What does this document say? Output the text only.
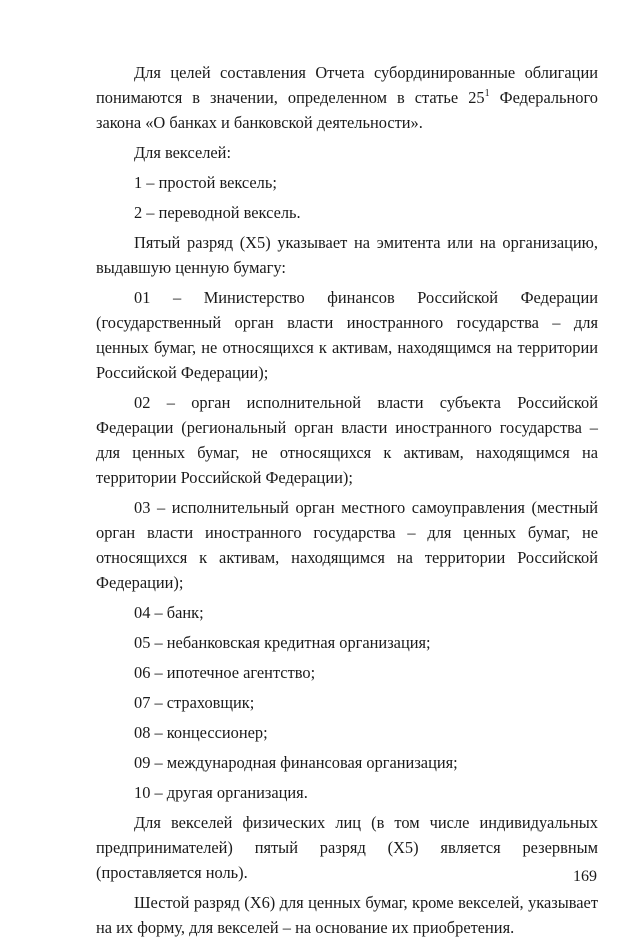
Для целей составления Отчета субординированные облигации понимаются в значении, определенном в статье $25^1$ Федерального закона «О банках и банковской деятельности».

Для векселей:

1 – простой вексель;

2 – переводной вексель.

Пятый разряд (Х5) указывает на эмитента или на организацию, выдавшую ценную бумагу:

01 – Министерство финансов Российской Федерации (государственный орган власти иностранного государства – для ценных бумаг, не относящихся к активам, находящимся на территории Российской Федерации);

02 – орган исполнительной власти субъекта Российской Федерации (региональный орган власти иностранного государства – для ценных бумаг, не относящихся к активам, находящимся на территории Российской Федерации);

03 – исполнительный орган местного самоуправления (местный орган власти иностранного государства – для ценных бумаг, не относящихся к активам, находящимся на территории Российской Федерации);

04 – банк;

05 – небанковская кредитная организация;

06 – ипотечное агентство;

07 – страховщик;

08 – концессионер;

09 – международная финансовая организация;

10 – другая организация.

Для векселей физических лиц (в том числе индивидуальных предпринимателей) пятый разряд (Х5) является резервным (проставляется ноль).

Шестой разряд (Х6) для ценных бумаг, кроме векселей, указывает на их форму, для векселей – на основание их приобретения.

169
